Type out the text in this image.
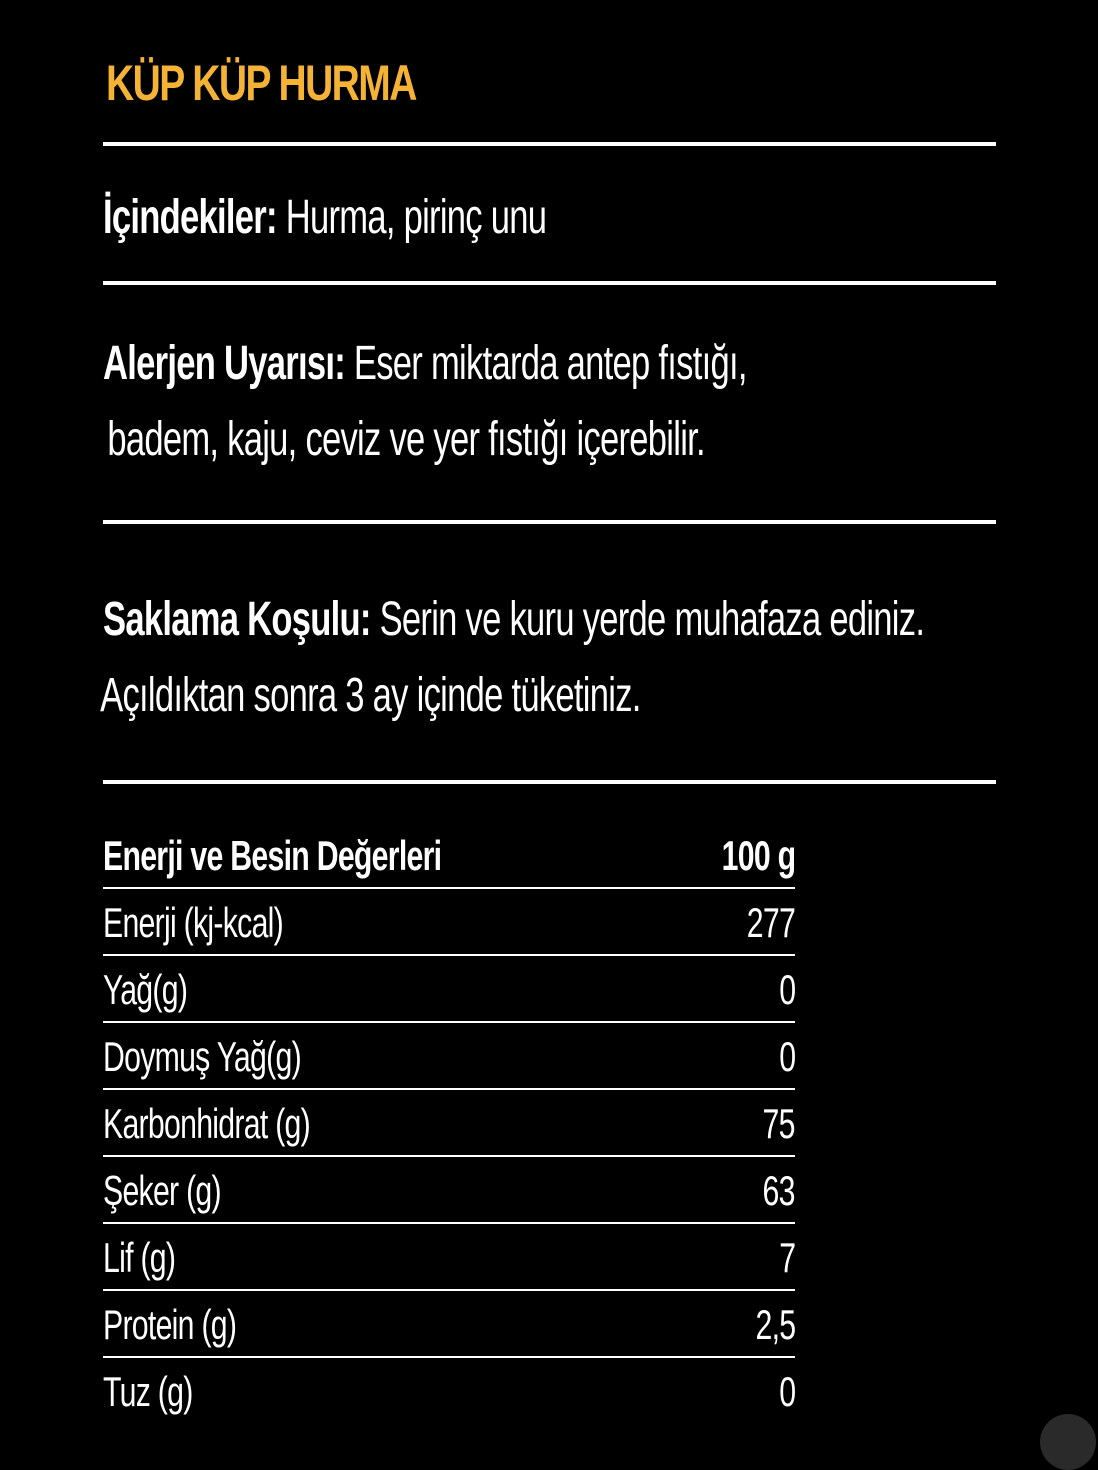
KÜP KÜP HURMA
İçindekiler: Hurma, pirinç unu
Alerjen Uyarısı: Eser miktarda antep fıstığı,
badem, kaju, ceviz ve yer fıstığı içerebilir.
Saklama Koşulu: Serin ve kuru yerde muhafaza ediniz.
Açıldıktan sonra 3 ay içinde tüketiniz.
Enerji ve Besin Değerleri	100 g
Enerji (kj-kcal)	277
Yağ(g)	0
Doymuş Yağ(g)	0
Karbonhidrat (g)	75
Şeker (g)	63
Lif (g)	7
Protein (g)	2,5
Tuz (g)	0
